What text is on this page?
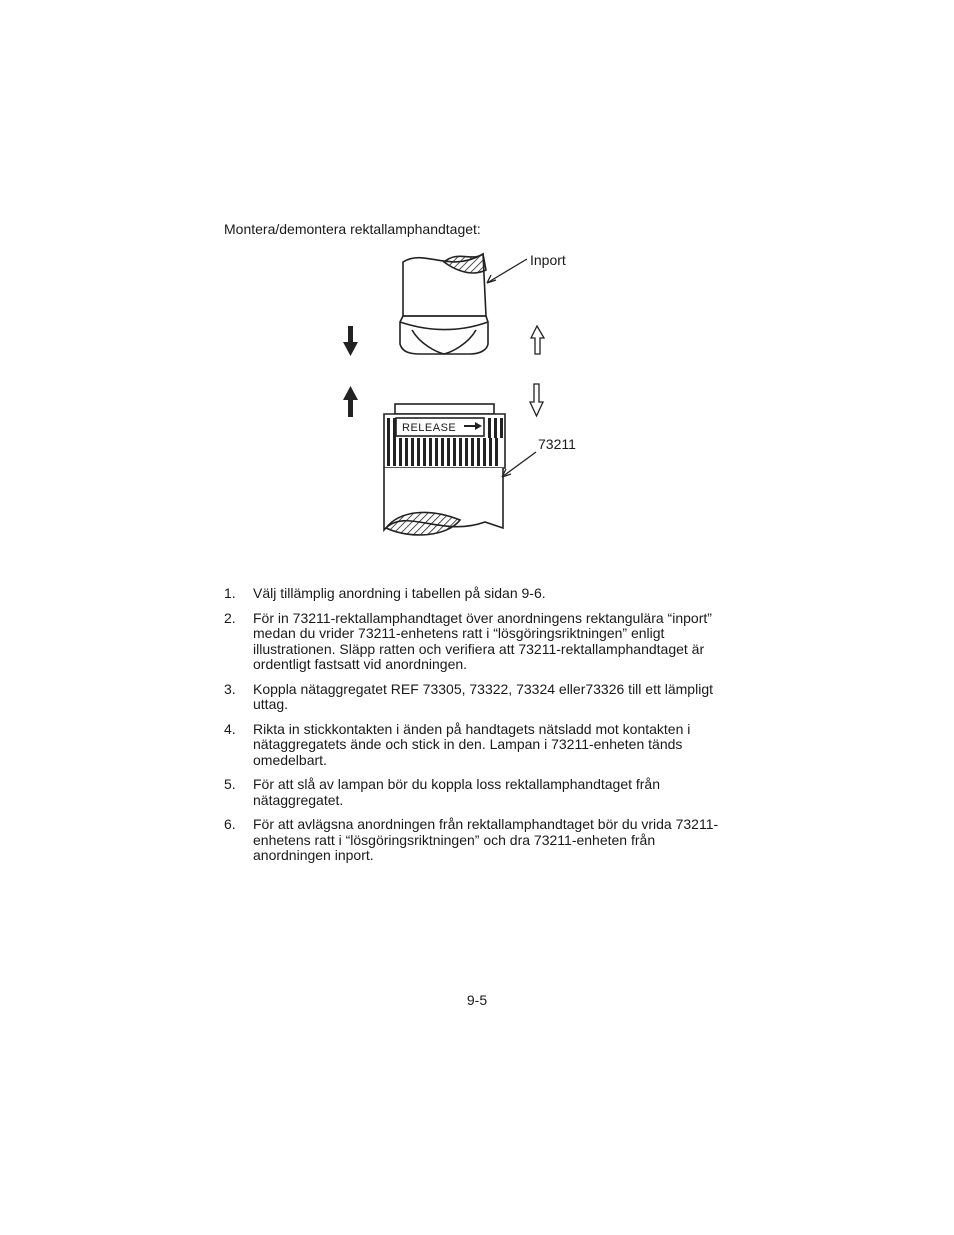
Montera/demontera rektallamphandtaget:
Inport
RELEASE
73211
1. Välj tillämplig anordning i tabellen på sidan 9-6.
2. För in 73211-rektallamphandtaget över anordningens rektangulära “inport” medan du vrider 73211-enhetens ratt i “lösgöringsriktningen” enligt illustrationen. Släpp ratten och verifiera att 73211-rektallamphandtaget är ordentligt fastsatt vid anordningen.
3. Koppla nätaggregatet REF 73305, 73322, 73324 eller73326 till ett lämpligt uttag.
4. Rikta in stickkontakten i änden på handtagets nätsladd mot kontakten i nätaggregatets ände och stick in den. Lampan i 73211-enheten tänds omedelbart.
5. För att slå av lampan bör du koppla loss rektallamphandtaget från nätaggregatet.
6. För att avlägsna anordningen från rektallamphandtaget bör du vrida 73211-enhetens ratt i “lösgöringsriktningen” och dra 73211-enheten från anordningen inport.
9-5
